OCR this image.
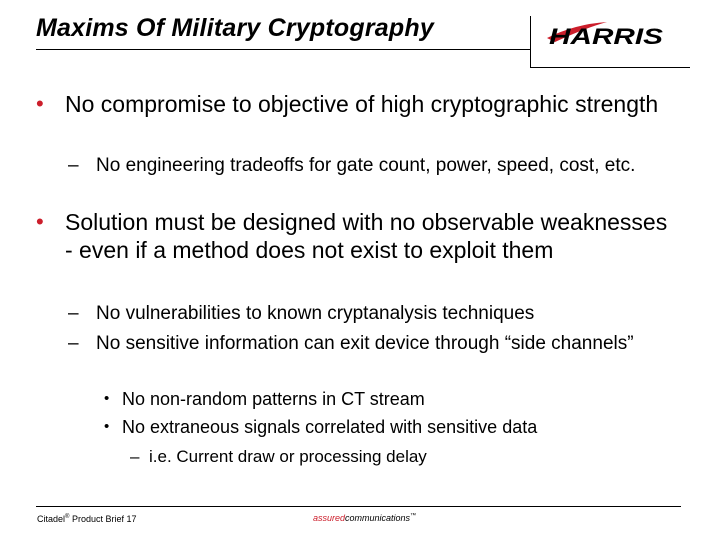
Maxims Of Military Cryptography	HARRIS
• No compromise to objective of high cryptographic strength
– No engineering tradeoffs for gate count, power, speed, cost, etc.
• Solution must be designed with no observable weaknesses - even if a method does not exist to exploit them
– No vulnerabilities to known cryptanalysis techniques
– No sensitive information can exit device through “side channels”
• No non-random patterns in CT stream
• No extraneous signals correlated with sensitive data
– i.e. Current draw or processing delay
Citadel® Product Brief 17	assuredcommunications™
